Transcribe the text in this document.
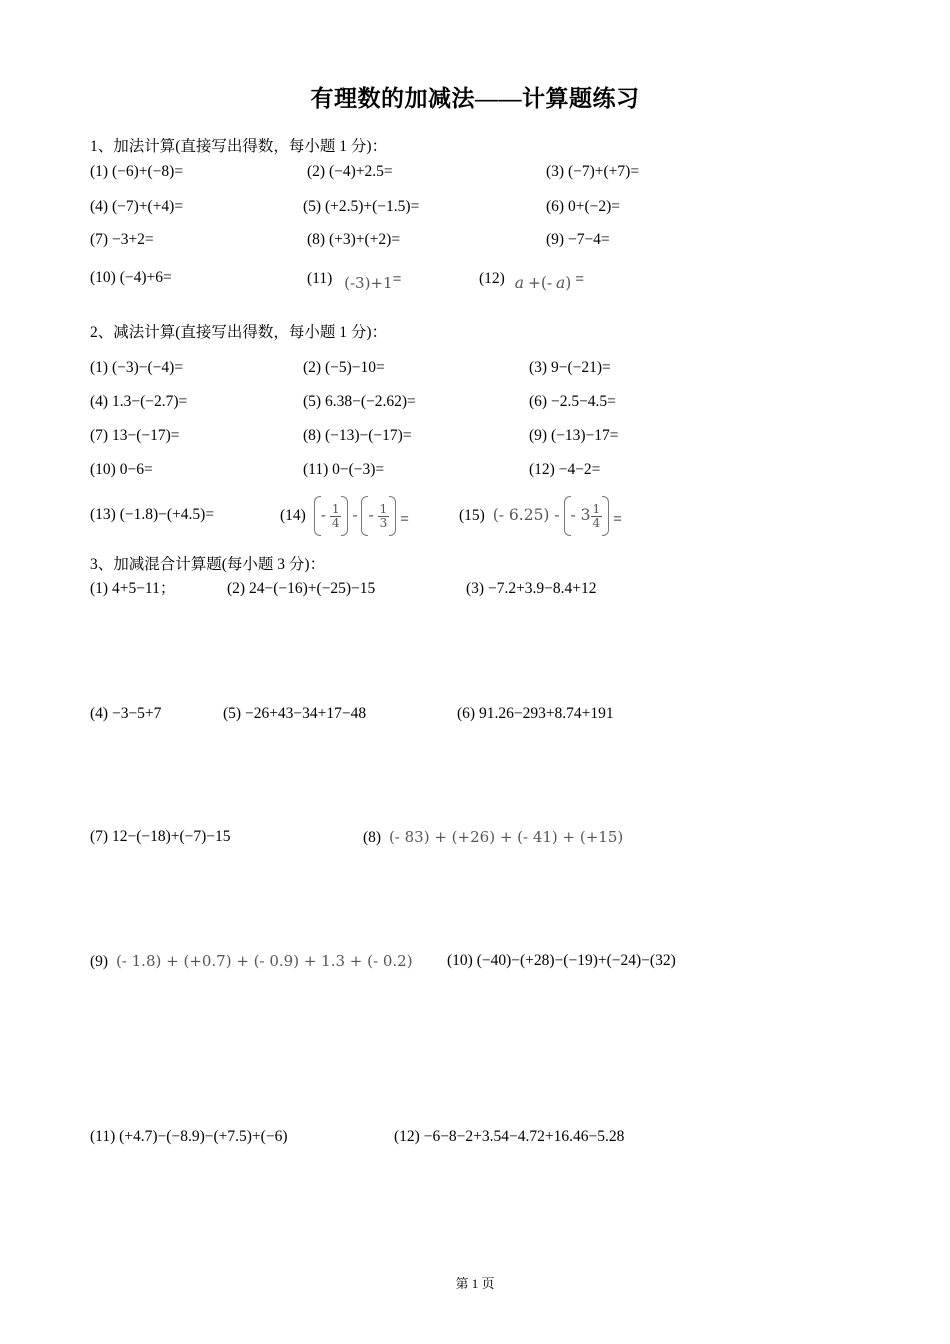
有理数的加减法——计算题练习
1、加法计算(直接写出得数，每小题 1 分)：
(1) (−6)+(−8)=	(2) (−4)+2.5=	(3) (−7)+(+7)=
(4) (−7)+(+4)=	(5) (+2.5)+(−1.5)=	(6) 0+(−2)=
(7) −3+2=	(8) (+3)+(+2)=	(9) −7−4=
(10) (−4)+6=	(11) (-3)+1=	(12) a +(- a) =
2、减法计算(直接写出得数，每小题 1 分)：
(1) (−3)−(−4)=	(2) (−5)−10=	(3) 9−(−21)=
(4) 1.3−(−2.7)=	(5) 6.38−(−2.62)=	(6) −2.5−4.5=
(7) 13−(−17)=	(8) (−13)−(−17)=	(9) (−13)−17=
(10) 0−6=	(11) 0−(−3)=	(12) −4−2=
(13) (−1.8)−(+4.5)=	$(14) - \frac{1}{4}$ - - $\frac{1}{3}$ =	(15) (- 6.25) - - $3 \frac{1}{4}$ =
3、加减混合计算题(每小题 3 分)：
(1) 4+5−11；	(2) 24−(−16)+(−25)−15	(3) −7.2+3.9−8.4+12
(4) −3−5+7	(5) −26+43−34+17−48	(6) 91.26−293+8.74+191
(7) 12−(−18)+(−7)−15	(8) (- 83) + (+26) + (- 41) + (+15)
(9) (- 1.8) + (+0.7) + (- 0.9) + 1.3 + (- 0.2) (10) (−40)−(+28)−(−19)+(−24)−(32)
(11) (+4.7)−(−8.9)−(+7.5)+(−6)	(12) −6−8−2+3.54−4.72+16.46−5.28
第 1 页
